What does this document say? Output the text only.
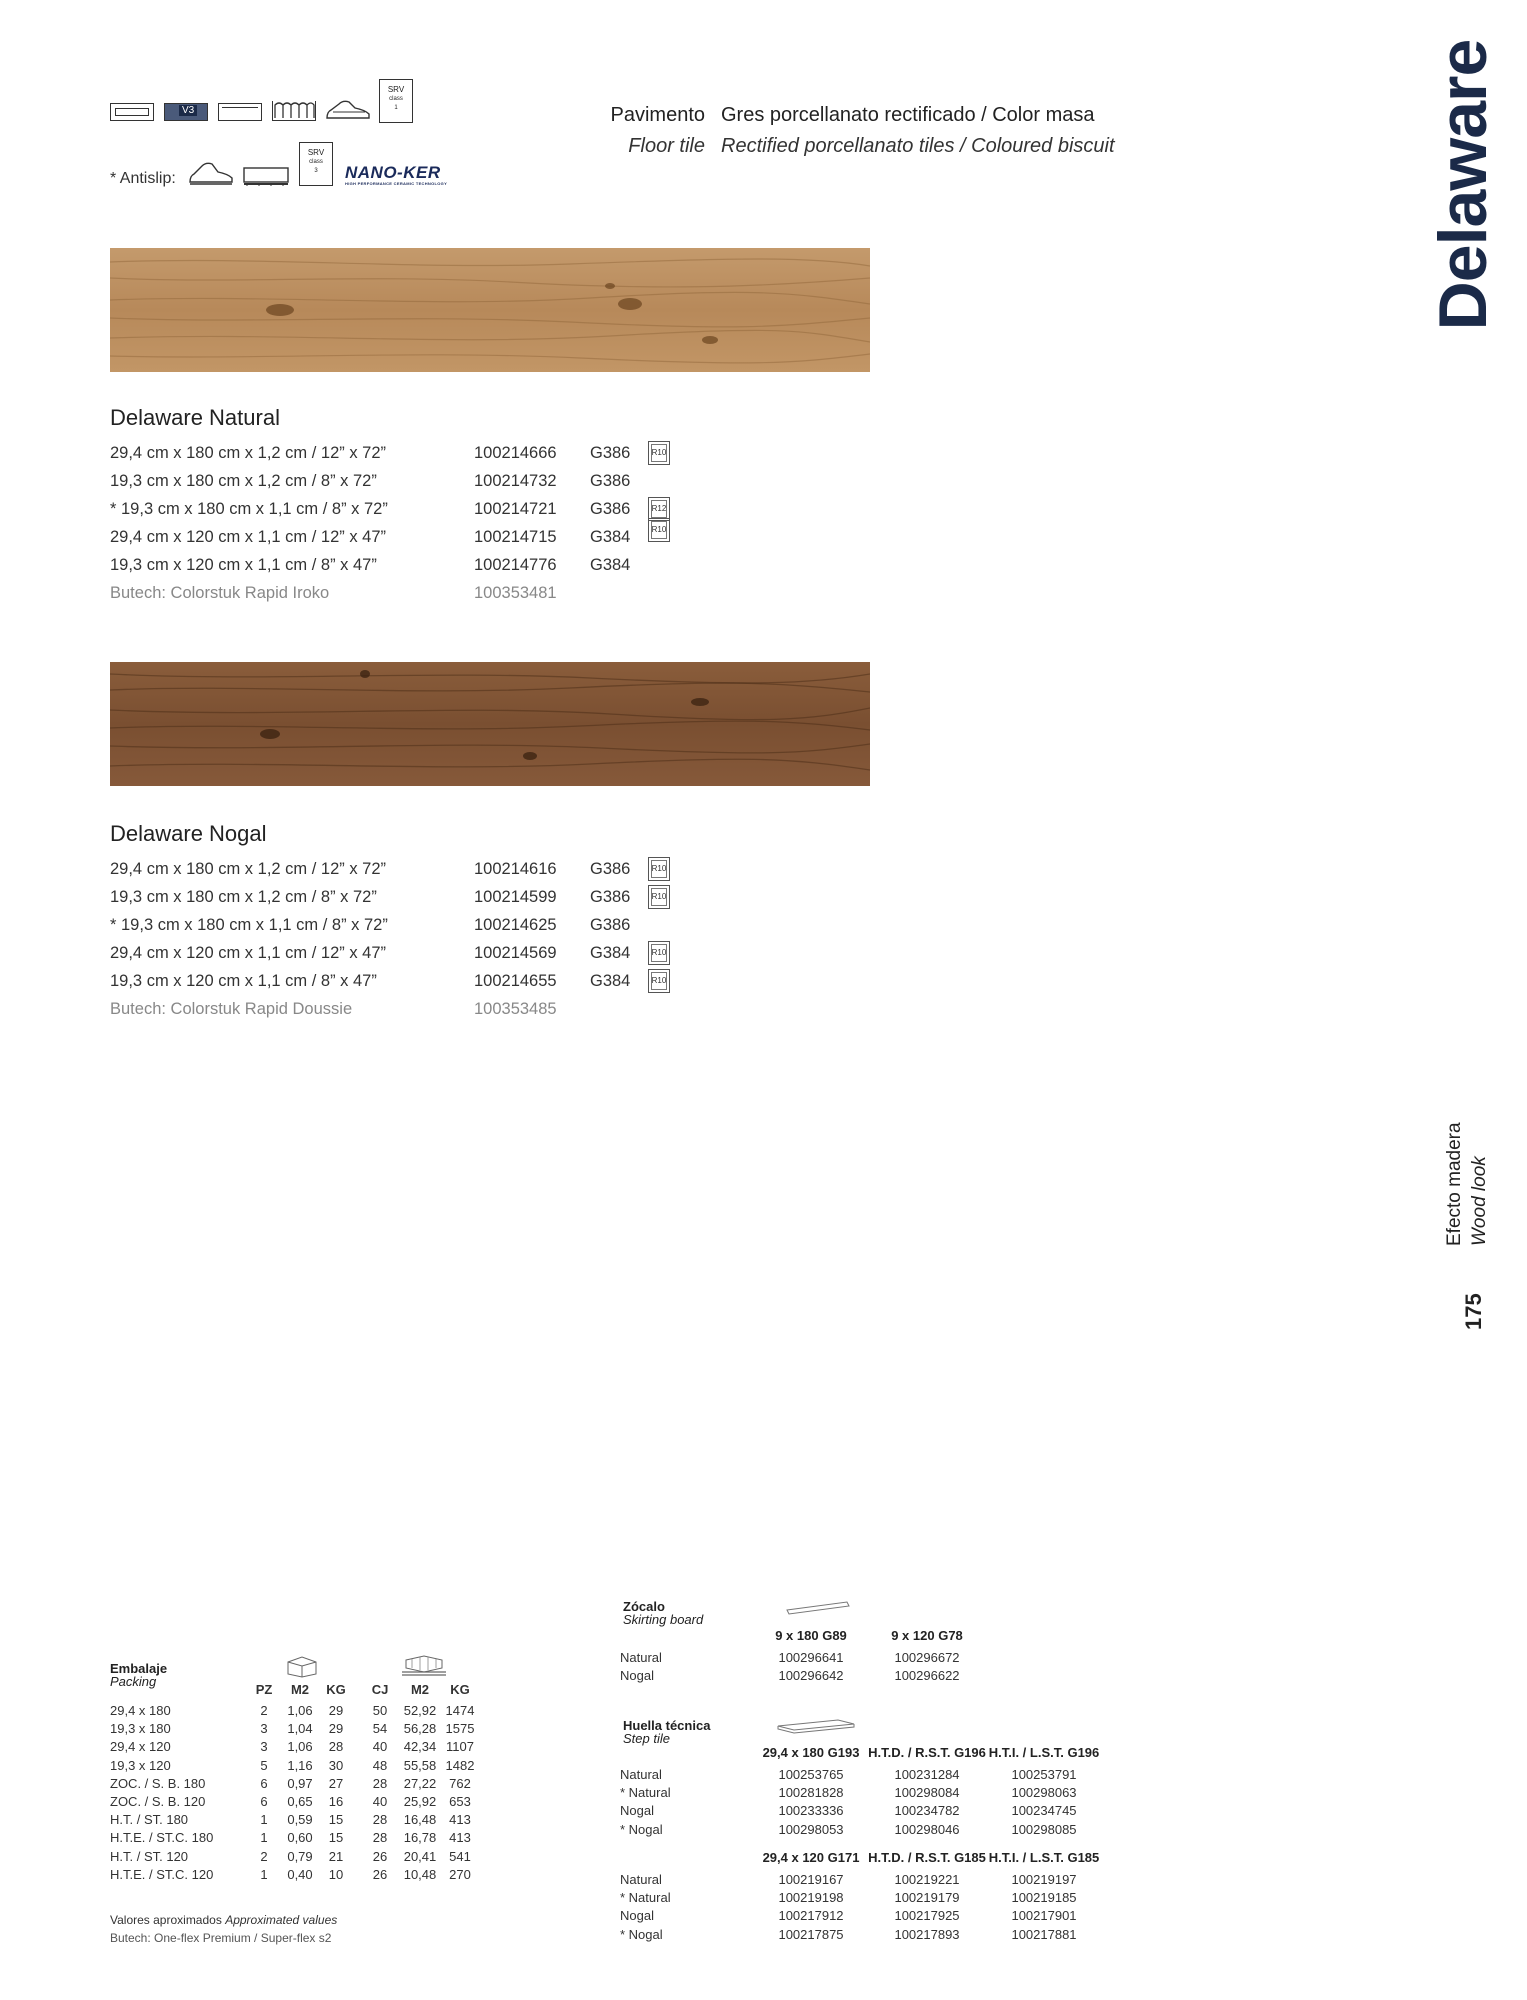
V3
SRV
class
1
* Antislip:
SRV
class
3	NANO-KER
HIGH PERFORMANCE CERAMIC TECHNOLOGY
Pavimento Gres porcellanato rectificado / Color masa
Floor tile Rectified porcellanato tiles / Coloured biscuit	Delaware
Efecto madera Wood look
175
Delaware Natural
29,4 cm x 180 cm x 1,2 cm / 12” x 72”	100214666 G386	R10
19,3 cm x 180 cm x 1,2 cm / 8” x 72”	100214732 G386
* 19,3 cm x 180 cm x 1,1 cm / 8” x 72”	100214721 G386	R12
29,4 cm x 120 cm x 1,1 cm / 12” x 47”	100214715 G384	R10
19,3 cm x 120 cm x 1,1 cm / 8” x 47”	100214776 G384
Butech: Colorstuk Rapid Iroko	100353481
Delaware Nogal
29,4 cm x 180 cm x 1,2 cm / 12” x 72”	100214616 G386	R10
19,3 cm x 180 cm x 1,2 cm / 8” x 72”	100214599 G386	R10
* 19,3 cm x 180 cm x 1,1 cm / 8” x 72”	100214625 G386
29,4 cm x 120 cm x 1,1 cm / 12” x 47”	100214569 G384	R10
19,3 cm x 120 cm x 1,1 cm / 8” x 47”	100214655 G384	R10
Butech: Colorstuk Rapid Doussie	100353485
Embalaje
Packing
PZ M2 KG CJ M2 KG
29,4 x 180	2 1,06 29 50 52,92 1474
19,3 x 180	3 1,04 29 54 56,28 1575
29,4 x 120	3 1,06 28 40 42,34 1107
19,3 x 120	5 1,16 30 48 55,58 1482
ZOC. / S. B. 180	6 0,97 27 28 27,22 762
ZOC. / S. B. 120	6 0,65 16 40 25,92 653
H.T. / ST. 180	1 0,59 15 28 16,48 413
H.T.E. / ST.C. 180	1 0,60 15 28 16,78 413
H.T. / ST. 120	2 0,79 21 26 20,41 541
H.T.E. / ST.C. 120	1 0,40 10 26 10,48 270
Valores aproximados Approximated values
Butech: One-flex Premium / Super-flex s2
Zócalo
Skirting board
9 x 180 G89	9 x 120 G78
Natural	100296641	100296672
Nogal	100296642	100296622
Huella técnica
Step tile
29,4 x 180 G193 H.T.D. / R.S.T. G196 H.T.I. / L.S.T. G196
Natural	100253765	100231284	100253791
* Natural	100281828	100298084	100298063
Nogal	100233336	100234782	100234745
* Nogal	100298053	100298046	100298085
29,4 x 120 G171 H.T.D. / R.S.T. G185 H.T.I. / L.S.T. G185
Natural	100219167	100219221	100219197
* Natural	100219198	100219179	100219185
Nogal	100217912	100217925	100217901
* Nogal	100217875	100217893	100217881
